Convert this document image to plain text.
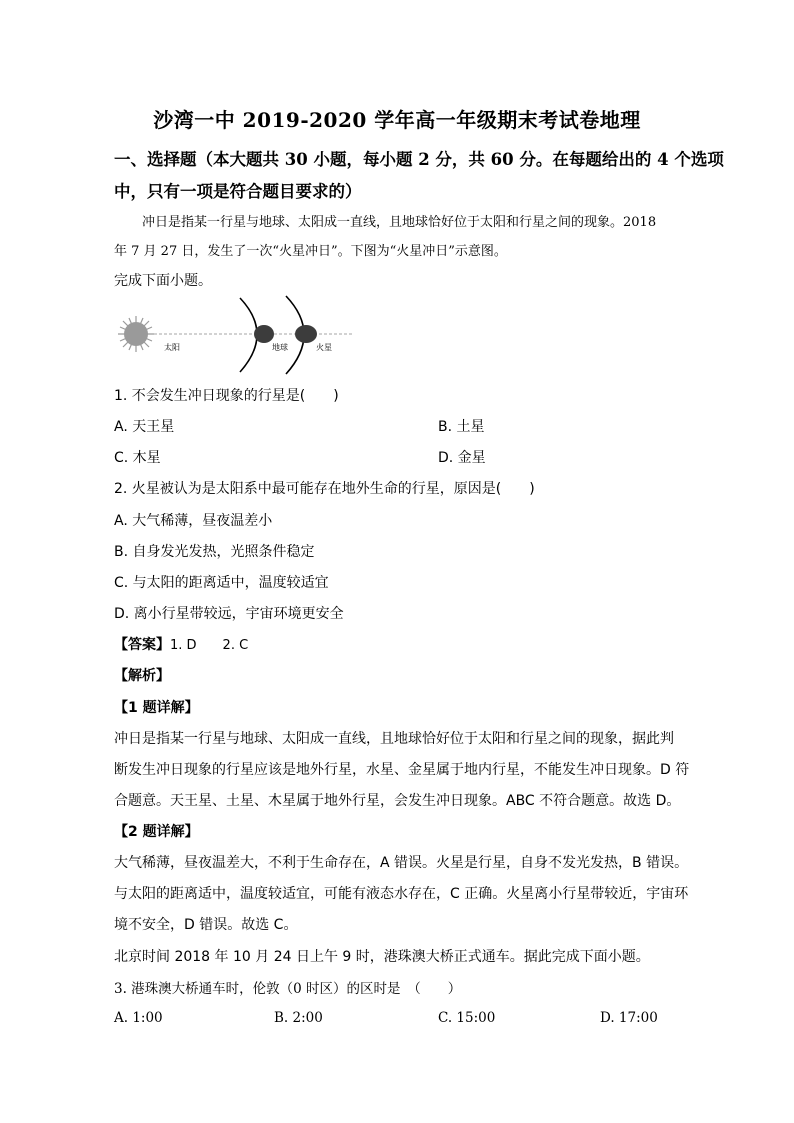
沙湾一中 2019-2020 学年高一年级期末考试卷地理
一、选择题（本大题共 30 小题，每小题 2 分，共 60 分。在每题给出的 4 个选项
中，只有一项是符合题目要求的）
冲日是指某一行星与地球、太阳成一直线，且地球恰好位于太阳和行星之间的现象。2018
年 7 月 27 日，发生了一次“火星冲日”。下图为“火星冲日”示意图。
完成下面小题。
太阳	地球	火星
1. 不会发生冲日现象的行星是(　　)
A. 天王星	B. 土星
C. 木星	D. 金星
2. 火星被认为是太阳系中最可能存在地外生命的行星，原因是(　　)
A. 大气稀薄，昼夜温差小
B. 自身发光发热，光照条件稳定
C. 与太阳的距离适中，温度较适宜
D. 离小行星带较远，宇宙环境更安全
【答案】1. D　　2. C
【解析】
【1 题详解】
冲日是指某一行星与地球、太阳成一直线，且地球恰好位于太阳和行星之间的现象，据此判
断发生冲日现象的行星应该是地外行星，水星、金星属于地内行星，不能发生冲日现象。D 符
合题意。天王星、土星、木星属于地外行星，会发生冲日现象。ABC 不符合题意。故选 D。
【2 题详解】
大气稀薄，昼夜温差大，不利于生命存在，A 错误。火星是行星，自身不发光发热，B 错误。
与太阳的距离适中，温度较适宜，可能有液态水存在，C 正确。火星离小行星带较近，宇宙环
境不安全，D 错误。故选 C。
北京时间 2018 年 10 月 24 日上午 9 时，港珠澳大桥正式通车。据此完成下面小题。
3. 港珠澳大桥通车时，伦敦（0 时区）的区时是　（　　）
A. 1:00	B. 2:00	C. 15:00	D. 17:00
